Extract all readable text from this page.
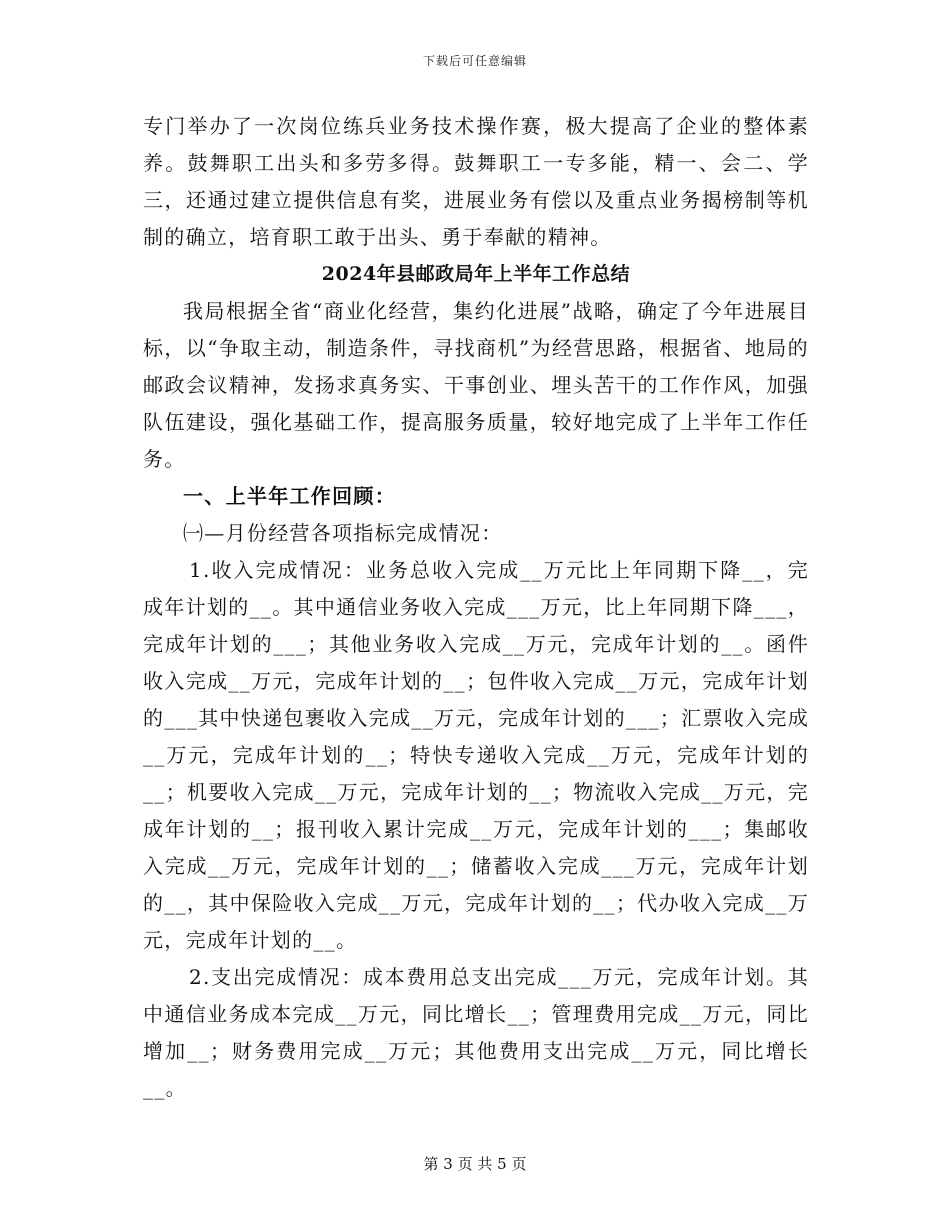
下载后可任意编辑

专门举办了一次岗位练兵业务技术操作赛，极大提高了企业的整体素养。鼓舞职工出头和多劳多得。鼓舞职工一专多能，精一、会二、学三，还通过建立提供信息有奖，进展业务有偿以及重点业务揭榜制等机制的确立，培育职工敢于出头、勇于奉献的精神。

2024年县邮政局年上半年工作总结

我局根据全省“商业化经营，集约化进展”战略，确定了今年进展目标，以“争取主动，制造条件，寻找商机”为经营思路，根据省、地局的邮政会议精神，发扬求真务实、干事创业、埋头苦干的工作作风，加强队伍建设，强化基础工作，提高服务质量，较好地完成了上半年工作任务。

一、上半年工作回顾：

㈠—月份经营各项指标完成情况：

1.收入完成情况：业务总收入完成__万元比上年同期下降__，完成年计划的__。其中通信业务收入完成___万元，比上年同期下降___，完成年计划的___；其他业务收入完成__万元，完成年计划的__。函件收入完成__万元，完成年计划的__；包件收入完成__万元，完成年计划的___其中快递包裹收入完成__万元，完成年计划的___；汇票收入完成__万元，完成年计划的__；特快专递收入完成__万元，完成年计划的__；机要收入完成__万元，完成年计划的__；物流收入完成__万元，完成年计划的__；报刊收入累计完成__万元，完成年计划的___；集邮收入完成__万元，完成年计划的__；储蓄收入完成___万元，完成年计划的__，其中保险收入完成__万元，完成年计划的__；代办收入完成__万元，完成年计划的__。

2.支出完成情况：成本费用总支出完成___万元，完成年计划。其中通信业务成本完成__万元，同比增长__；管理费用完成__万元，同比增加__；财务费用完成__万元；其他费用支出完成__万元，同比增长__。

第 3 页 共 5 页
